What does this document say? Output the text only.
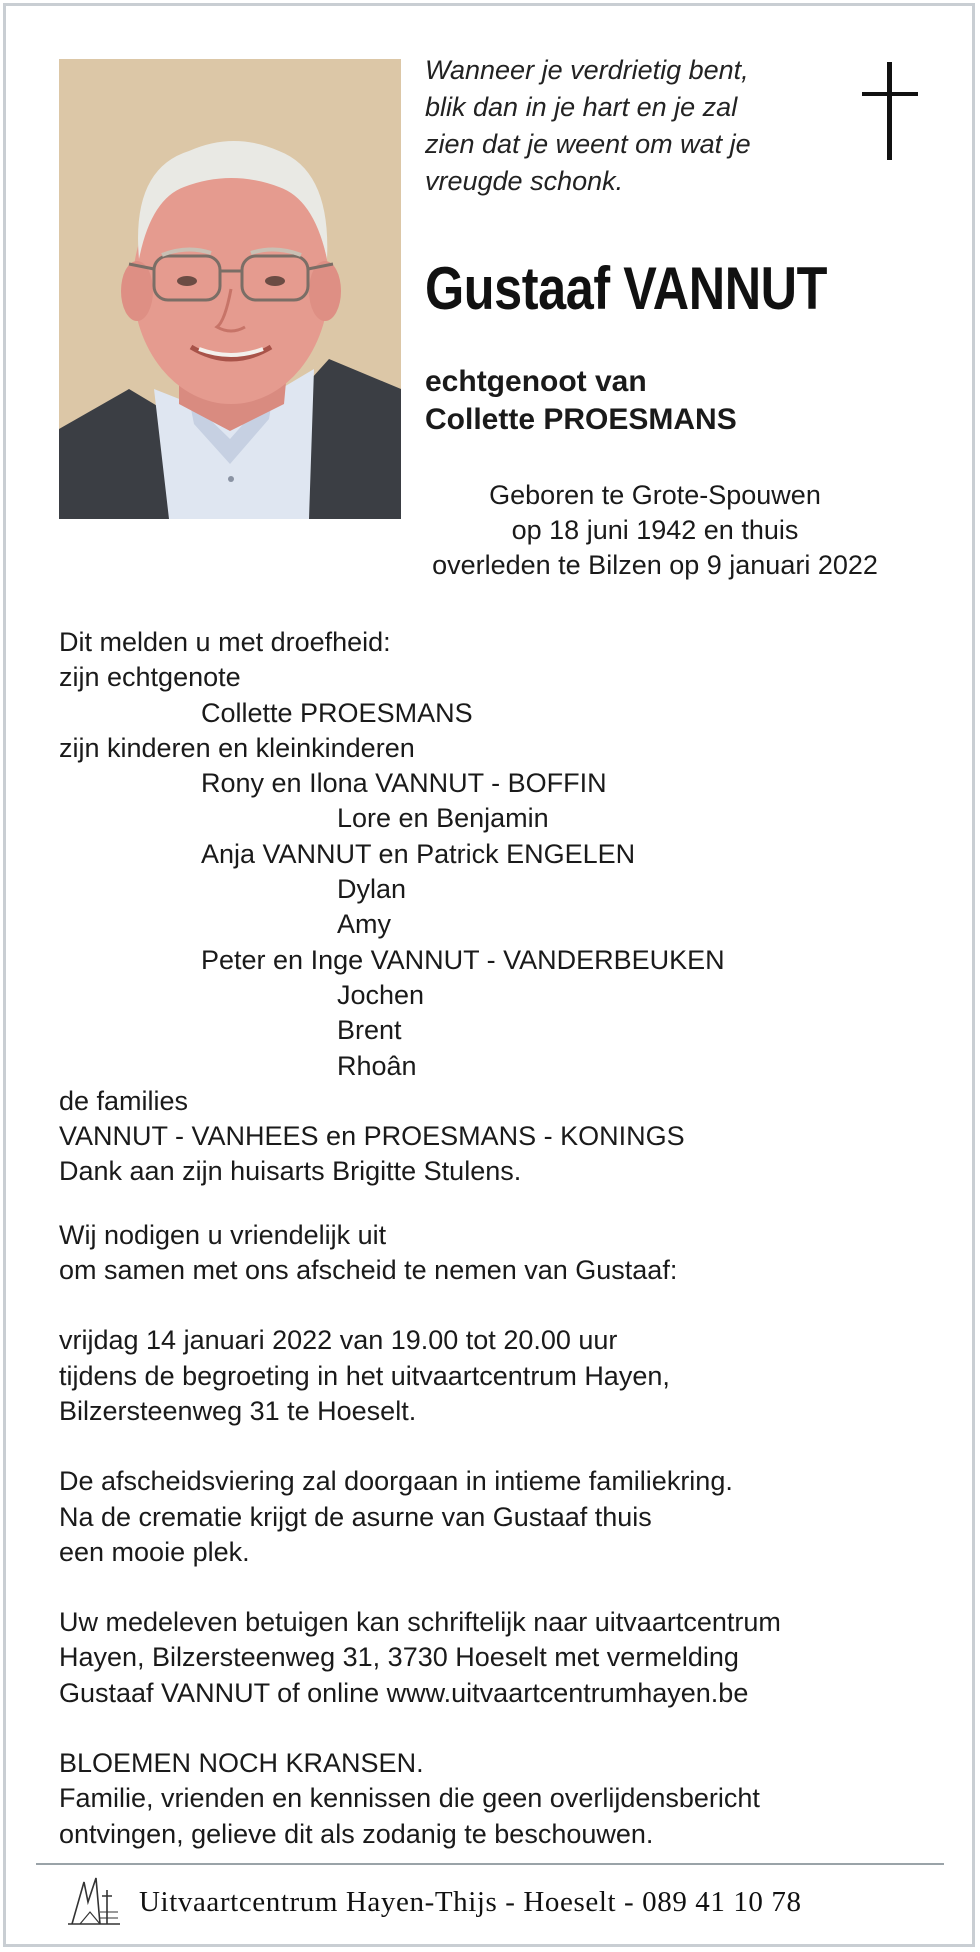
Wanneer je verdrietig bent,
blik dan in je hart en je zal
zien dat je weent om wat je
vreugde schonk.
Gustaaf VANNUT
echtgenoot van
Collette PROESMANS
Geboren te Grote-Spouwen
op 18 juni 1942 en thuis
overleden te Bilzen op 9 januari 2022
Dit melden u met droefheid:
zijn echtgenote
Collette PROESMANS
zijn kinderen en kleinkinderen
Rony en Ilona VANNUT - BOFFIN
Lore en Benjamin
Anja VANNUT en Patrick ENGELEN
Dylan
Amy
Peter en Inge VANNUT - VANDERBEUKEN
Jochen
Brent
Rhoân
de families
VANNUT - VANHEES en PROESMANS - KONINGS
Dank aan zijn huisarts Brigitte Stulens.
Wij nodigen u vriendelijk uit
om samen met ons afscheid te nemen van Gustaaf:
vrijdag 14 januari 2022 van 19.00 tot 20.00 uur
tijdens de begroeting in het uitvaartcentrum Hayen,
Bilzersteenweg 31 te Hoeselt.
De afscheidsviering zal doorgaan in intieme familiekring.
Na de crematie krijgt de asurne van Gustaaf thuis
een mooie plek.
Uw medeleven betuigen kan schriftelijk naar uitvaartcentrum
Hayen, Bilzersteenweg 31, 3730 Hoeselt met vermelding
Gustaaf VANNUT of online www.uitvaartcentrumhayen.be
BLOEMEN NOCH KRANSEN.
Familie, vrienden en kennissen die geen overlijdensbericht
ontvingen, gelieve dit als zodanig te beschouwen.
Uitvaartcentrum Hayen-Thijs - Hoeselt - 089 41 10 78
